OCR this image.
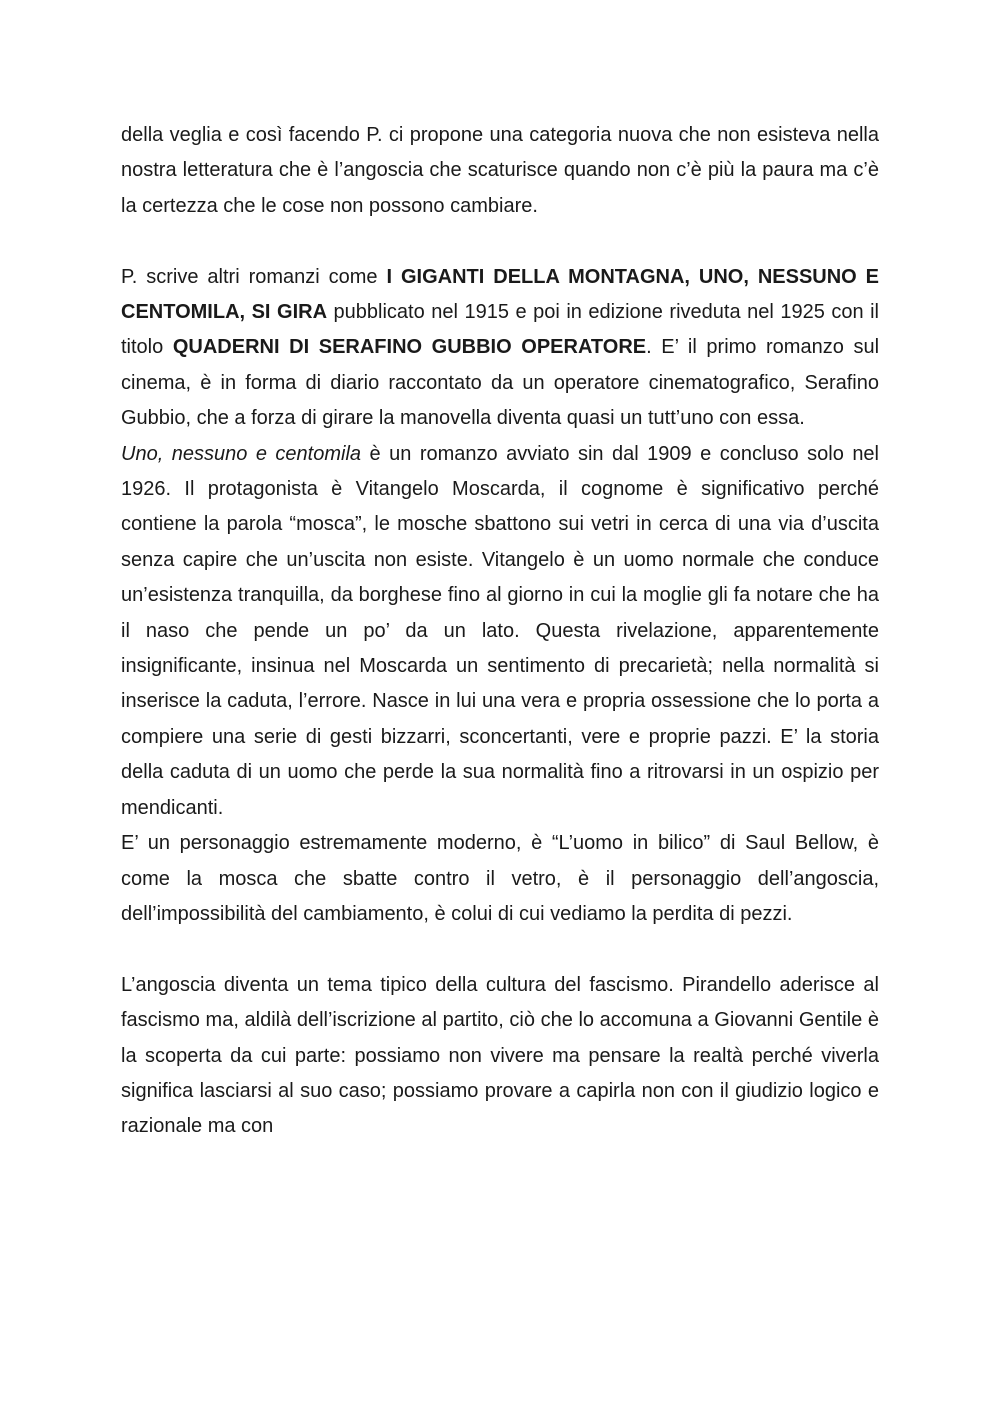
della veglia e così facendo P. ci propone una categoria nuova che non esisteva nella nostra letteratura che è l’angoscia che scaturisce quando non c’è più la paura ma c’è la certezza che le cose non possono cambiare.

P. scrive altri romanzi come I GIGANTI DELLA MONTAGNA, UNO, NESSUNO E CENTOMILA, SI GIRA pubblicato nel 1915 e poi in edizione riveduta nel 1925 con il titolo QUADERNI DI SERAFINO GUBBIO OPERATORE. E’ il primo romanzo sul cinema, è in forma di diario raccontato da un operatore cinematografico, Serafino Gubbio, che a forza di girare la manovella diventa quasi un tutt’uno con essa.

Uno, nessuno e centomila è un romanzo avviato sin dal 1909 e concluso solo nel 1926. Il protagonista è Vitangelo Moscarda, il cognome è significativo perché contiene la parola “mosca”, le mosche sbattono sui vetri in cerca di una via d’uscita senza capire che un’uscita non esiste. Vitangelo è un uomo normale che conduce un’esistenza tranquilla, da borghese fino al giorno in cui la moglie gli fa notare che ha il naso che pende un po’ da un lato. Questa rivelazione, apparentemente insignificante, insinua nel Moscarda un sentimento di precarietà; nella normalità si inserisce la caduta, l’errore. Nasce in lui una vera e propria ossessione che lo porta a compiere una serie di gesti bizzarri, sconcertanti, vere e proprie pazzi. E’ la storia della caduta di un uomo che perde la sua normalità fino a ritrovarsi in un ospizio per mendicanti.

E’ un personaggio estremamente moderno, è “L’uomo in bilico” di Saul Bellow, è come la mosca che sbatte contro il vetro, è il personaggio dell’angoscia, dell’impossibilità del cambiamento, è colui di cui vediamo la perdita di pezzi.

L’angoscia diventa un tema tipico della cultura del fascismo. Pirandello aderisce al fascismo ma, aldilà dell’iscrizione al partito, ciò che lo accomuna a Giovanni Gentile è la scoperta da cui parte: possiamo non vivere ma pensare la realtà perché viverla significa lasciarsi al suo caso; possiamo provare a capirla non con il giudizio logico e razionale ma con
